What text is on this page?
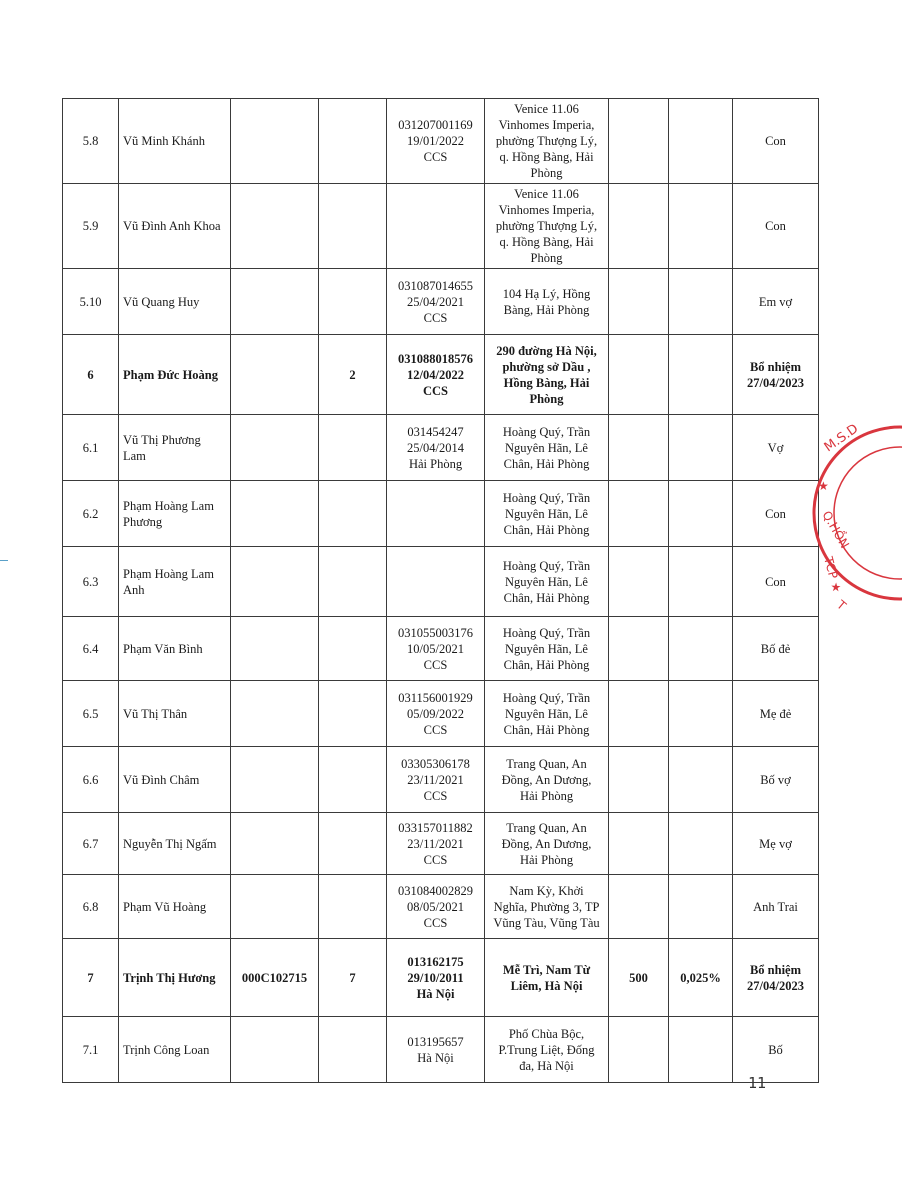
5.8	Vũ Minh Khánh			031207001169
19/01/2022
CCS	Venice 11.06
Vinhomes Imperia,
phường Thượng Lý,
q. Hồng Bàng, Hải
Phòng			Con

5.9	Vũ Đình Anh Khoa				Venice 11.06
Vinhomes Imperia,
phường Thượng Lý,
q. Hồng Bàng, Hải
Phòng			Con

5.10	Vũ Quang Huy			031087014655
25/04/2021
CCS	104 Hạ Lý, Hồng
Bàng, Hải Phòng			Em vợ

6	Phạm Đức Hoàng		2	031088018576
12/04/2022
CCS	290 đường Hà Nội,
phường sở Dầu ,
Hồng Bàng, Hải
Phòng			Bổ nhiệm
27/04/2023

6.1	Vũ Thị Phương
Lam			031454247
25/04/2014
Hải Phòng	Hoàng Quý, Trần
Nguyên Hãn, Lê
Chân, Hải Phòng			Vợ

6.2	Phạm Hoàng Lam
Phương				Hoàng Quý, Trần
Nguyên Hãn, Lê
Chân, Hải Phòng			Con

6.3	Phạm Hoàng Lam
Anh				Hoàng Quý, Trần
Nguyên Hãn, Lê
Chân, Hải Phòng			Con

6.4	Phạm Văn Bình			031055003176
10/05/2021
CCS	Hoàng Quý, Trần
Nguyên Hãn, Lê
Chân, Hải Phòng			Bố đẻ

6.5	Vũ Thị Thân			031156001929
05/09/2022
CCS	Hoàng Quý, Trần
Nguyên Hãn, Lê
Chân, Hải Phòng			Mẹ đẻ

6.6	Vũ Đình Châm			03305306178
23/11/2021
CCS	Trang Quan, An
Đồng, An Dương,
Hải Phòng			Bố vợ

6.7	Nguyễn Thị Ngấm			033157011882
23/11/2021
CCS	Trang Quan, An
Đồng, An Dương,
Hải Phòng			Mẹ vợ

6.8	Phạm Vũ Hoàng			031084002829
08/05/2021
CCS	Nam Kỳ, Khởi
Nghĩa, Phường 3, TP
Vũng Tàu, Vũng Tàu			Anh Trai

7	Trịnh Thị Hương	000C102715	7	013162175
29/10/2011
Hà Nội	Mễ Trì, Nam Từ
Liêm, Hà Nội	500	0,025%	Bổ nhiệm
27/04/2023

7.1	Trịnh Công Loan			013195657
Hà Nội	Phố Chùa Bộc,
P.Trung Liệt, Đống
đa, Hà Nội			Bố
M.S.D
★
Q.HỒN
TCP ★
T
11
